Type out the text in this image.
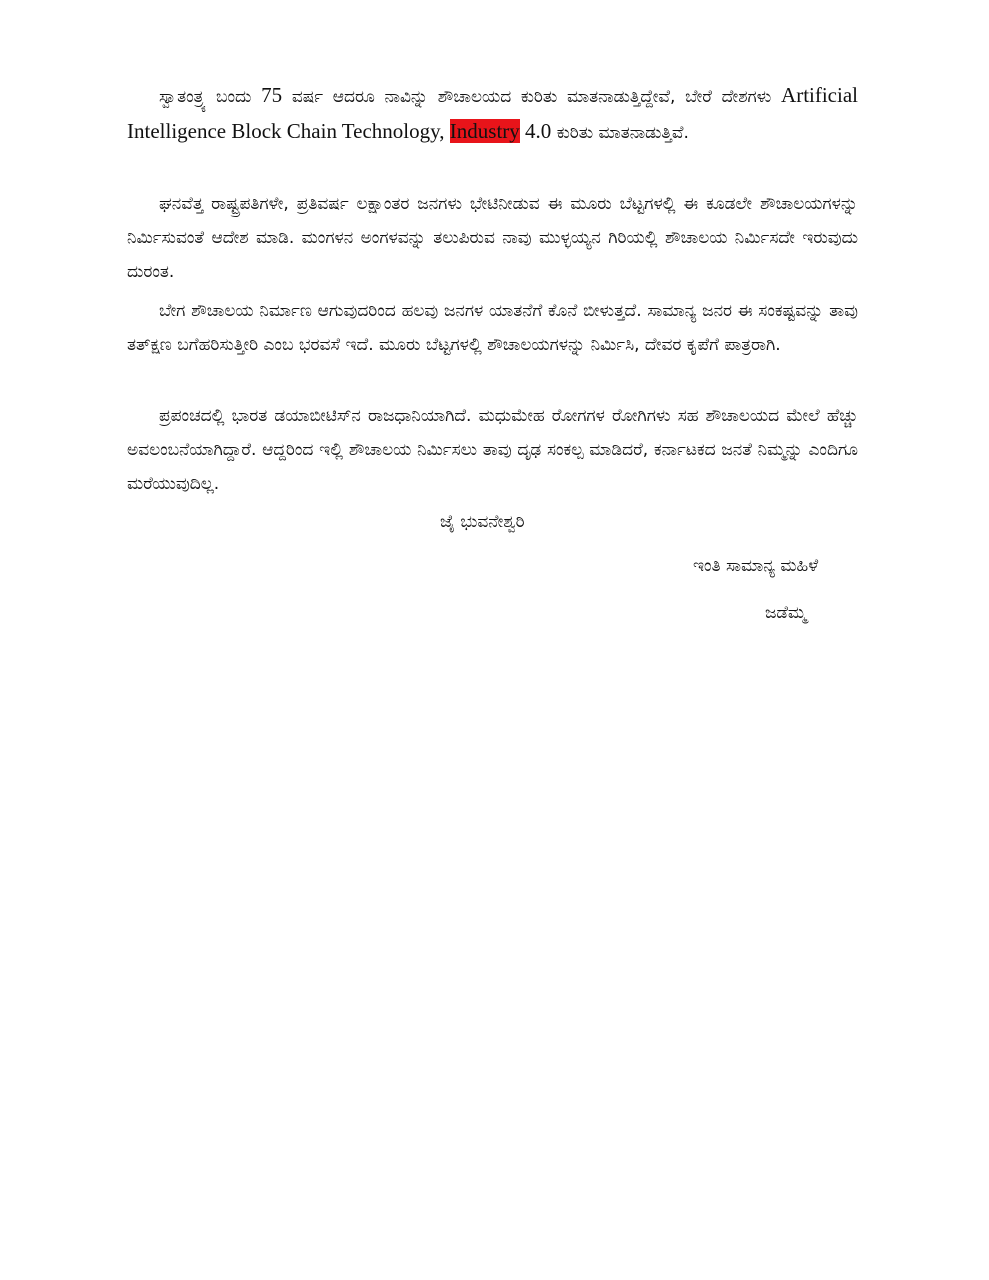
ಸ್ವಾತಂತ್ರ್ಯ ಬಂದು 75 ವರ್ಷ ಆದರೂ ನಾವಿನ್ನು ಶೌಚಾಲಯದ ಕುರಿತು ಮಾತನಾಡುತ್ತಿದ್ದೇವೆ, ಬೇರೆ ದೇಶಗಳು Artificial Intelligence Block Chain Technology, Industry 4.0 ಕುರಿತು ಮಾತನಾಡುತ್ತಿವೆ.

ಘನವೆತ್ತ ರಾಷ್ಟ್ರಪತಿಗಳೇ, ಪ್ರತಿವರ್ಷ ಲಕ್ಷಾಂತರ ಜನಗಳು ಭೇಟಿನೀಡುವ ಈ ಮೂರು ಬೆಟ್ಟಗಳಲ್ಲಿ ಈ ಕೂಡಲೇ ಶೌಚಾಲಯಗಳನ್ನು ನಿರ್ಮಿಸುವಂತೆ ಆದೇಶ ಮಾಡಿ. ಮಂಗಳನ ಅಂಗಳವನ್ನು ತಲುಪಿರುವ ನಾವು ಮುಳ್ಳಯ್ಯನ ಗಿರಿಯಲ್ಲಿ ಶೌಚಾಲಯ ನಿರ್ಮಿಸದೇ ಇರುವುದು ದುರಂತ.

ಬೇಗ ಶೌಚಾಲಯ ನಿರ್ಮಾಣ ಆಗುವುದರಿಂದ ಹಲವು ಜನಗಳ ಯಾತನೆಗೆ ಕೊನೆ ಬೀಳುತ್ತದೆ. ಸಾಮಾನ್ಯ ಜನರ ಈ ಸಂಕಷ್ಟವನ್ನು ತಾವು ತತ್‌ಕ್ಷಣ ಬಗೆಹರಿಸುತ್ತೀರಿ ಎಂಬ ಭರವಸೆ ಇದೆ. ಮೂರು ಬೆಟ್ಟಗಳಲ್ಲಿ ಶೌಚಾಲಯಗಳನ್ನು ನಿರ್ಮಿಸಿ, ದೇವರ ಕೃಪೆಗೆ ಪಾತ್ರರಾಗಿ.

ಪ್ರಪಂಚದಲ್ಲಿ ಭಾರತ ಡಯಾಬೀಟಿಸ್‌ನ ರಾಜಧಾನಿಯಾಗಿದೆ. ಮಧುಮೇಹ ರೋಗಗಳ ರೋಗಿಗಳು ಸಹ ಶೌಚಾಲಯದ ಮೇಲೆ ಹೆಚ್ಚು ಅವಲಂಬನೆಯಾಗಿದ್ದಾರೆ. ಆದ್ದರಿಂದ ಇಲ್ಲಿ ಶೌಚಾಲಯ ನಿರ್ಮಿಸಲು ತಾವು ದೃಢ ಸಂಕಲ್ಪ ಮಾಡಿದರೆ, ಕರ್ನಾಟಕದ ಜನತೆ ನಿಮ್ಮನ್ನು ಎಂದಿಗೂ ಮರೆಯುವುದಿಲ್ಲ.

ಜೈ ಭುವನೇಶ್ವರಿ

ಇಂತಿ ಸಾಮಾನ್ಯ ಮಹಿಳೆ

ಜಡೆಮ್ಮ
